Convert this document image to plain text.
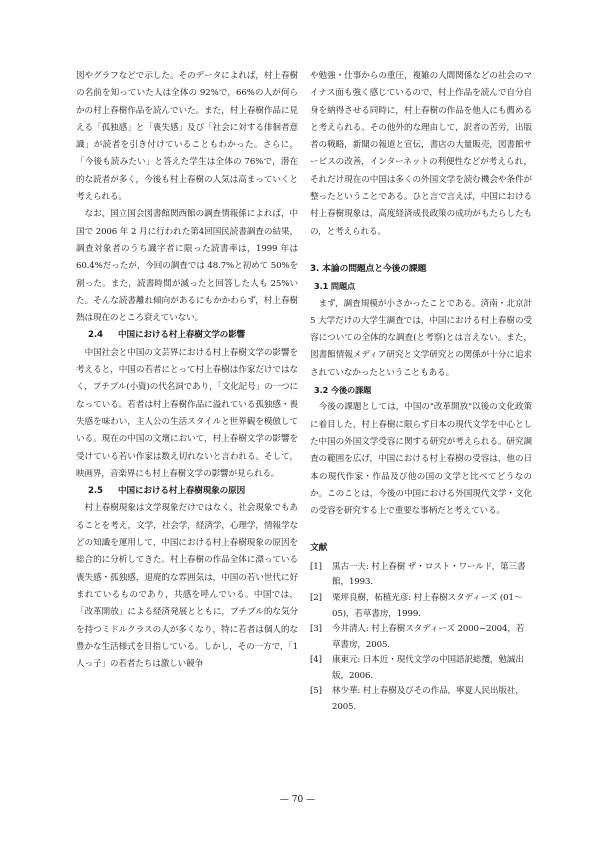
図やグラフなどで示した。そのデータによれば，村上春樹の名前を知っていた人は全体の 92%で，66%の人が何らかの村上春樹作品を読んでいた。また，村上春樹作品に見える「孤独感」と「喪失感」及び「社会に対する俳徊者意識」が読者を引き付けていることもわかった。さらに，「今後も読みたい」と答えた学生は全体の 76%で，潜在的な読者が多く，今後も村上春樹の人気は高まっていくと考えられる。

なお，国立国会図書館関西館の調査情報係によれば，中国で 2006 年 2 月に行われた第4回国民読書調査の結果，調査対象者のうち識字者に限った読書率は，1999 年は 60.4%だったが，今回の調査では 48.7%と初めて 50%を割った。また，読書時間が減ったと回答した人も 25%いた。そんな読書離れ傾向があるにもかかわらず，村上春樹熱は現在のところ衰えていない。

2.4 中国における村上春樹文学の影響

中国社会と中国の文芸界における村上春樹文学の影響を考えると，中国の若者にとって村上春樹は作家だけではなく，プチブル(小資)の代名詞であり，「文化記号」の一つになっている。若者は村上春樹作品に溢れている孤独感・喪失感を味わい，主人公の生活スタイルと世界観を模倣している。現在の中国の文壇において，村上春樹文学の影響を受けている若い作家は数え切れないと言われる。そして，映画界，音楽界にも村上春樹文学の影響が見られる。

2.5 中国における村上春樹現象の原因

村上春樹現象は文学現象だけではなく，社会現象でもあることを考え，文学，社会学，経済学，心理学，情報学などの知識を運用して，中国における村上春樹現象の原因を総合的に分析してきた。村上春樹の作品全体に漂っている喪失感・孤独感，退廃的な雰囲気は，中国の若い世代に好まれているものであり，共感を呼んでいる。中国では，「改革開放」による経済発展とともに，プチブル的な気分を持つミドルクラスの人が多くなり，特に若者は個人的な豊かな生活様式を目指している。しかし，その一方で，「1 人っ子」の若者たちは激しい競争

や勉強・仕事からの重圧，複雑の人間関係などの社会のマイナス面も強く感じているので，村上作品を読んで自分自身を納得させる同時に，村上春樹の作品を他人にも薦めると考えられる。その他外的な理由して，訳者の苦労，出版者の戦略，新聞の報道と宣伝，書店の大量販売，図書館サービスの改善，インターネットの利便性などが考えられ，それだけ現在の中国は多くの外国文学を読む機会や条件が整ったということである。ひと言で言えば，中国における村上春樹現象は，高度経済成長政策の成功がもたらしたもの，と考えられる。

3. 本論の問題点と今後の課題
3.1 問題点

まず，調査規模が小さかったことである。済南・北京計 5 大学だけの大学生調査では，中国における村上春樹の受容についての全体的な調査(と考察)とは言えない。また，図書館情報メディア研究と文学研究との関係が十分に追求されていなかったということもある。

3.2 今後の課題

今後の課題としては，中国の"改革開放"以後の文化政策に着目した，村上春樹に限らず日本の現代文学を中心とした中国の外国文学受容に関する研究が考えられる。研究調査の範囲を広げ，中国における村上春樹の受容は，他の日本の現代作家・作品及び他の国の文学と比べてどうなのか。このことは，今後の中国における外国現代文学・文化の受容を研究する上で重要な事柄だと考えている。

文献
[1]	黒古一夫: 村上春樹 ザ・ロスト・ワールド，第三書館，1993.
[2]	栗坪良樹，柘植光彦: 村上春樹スタディーズ (01〜05)，若草書房，1999.
[3]	今井清人: 村上春樹スタディーズ 2000−2004，若草書房，2005.
[4]	康東元: 日本近・現代文学の中国語訳総攬，勉誠出版，2006.
[5]	林少華: 村上春樹及びその作品，寧夏人民出版社，2005.
— 70 —
